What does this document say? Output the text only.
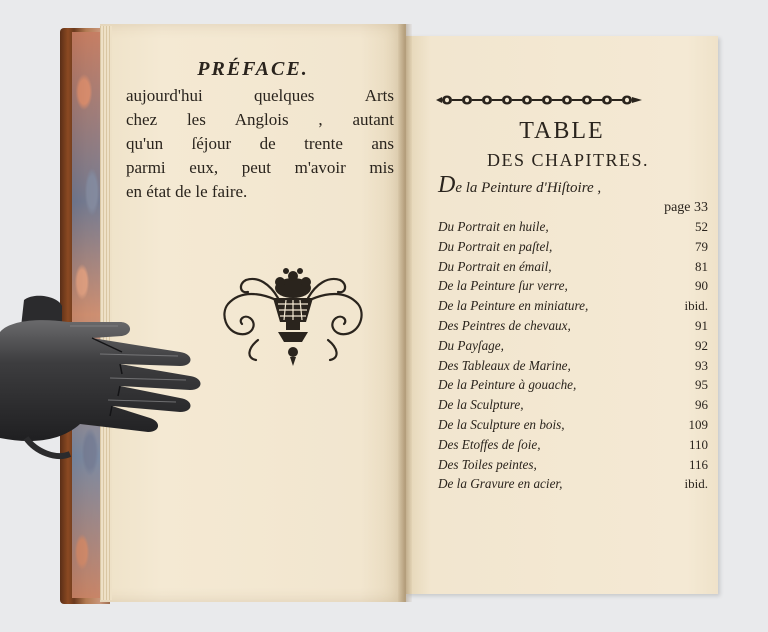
PRÉFACE.
aujourd'hui quelques Arts
chez les Anglois , autant
qu'un ſéjour de trente ans
parmi eux, peut m'avoir mis
en état de le faire.
TABLE
DES CHAPITRES.
De la Peinture d'Hiſtoire ,
page 33
Du Portrait en huile,	52
Du Portrait en paſtel,	79
Du Portrait en émail,	81
De la Peinture ſur verre,	90
De la Peinture en miniature,	ibid.
Des Peintres de chevaux,	91
Du Payſage,	92
Des Tableaux de Marine,	93
De la Peinture à gouache,	95
De la Sculpture,	96
De la Sculpture en bois,	109
Des Etoffes de ſoie,	110
Des Toiles peintes,	116
De la Gravure en acier,	ibid.
